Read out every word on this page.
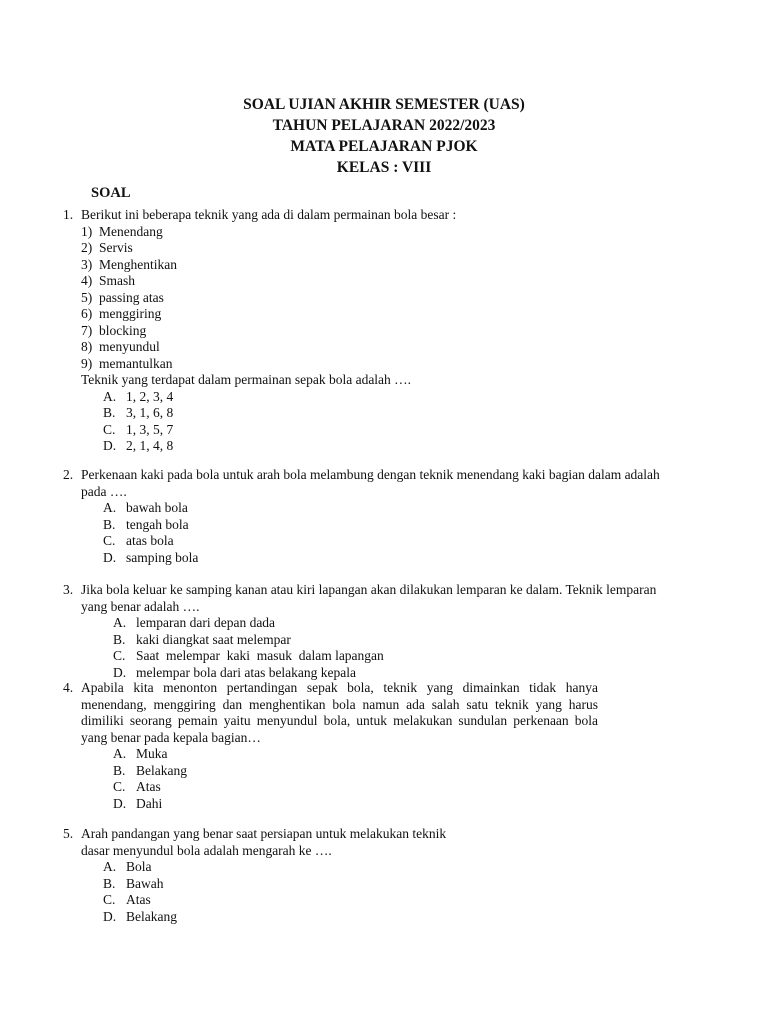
SOAL UJIAN AKHIR SEMESTER (UAS)
TAHUN PELAJARAN 2022/2023
MATA PELAJARAN PJOK
KELAS : VIII
SOAL
1. Berikut ini beberapa teknik yang ada di dalam permainan bola besar :
1) Menendang
2) Servis
3) Menghentikan
4) Smash
5) passing atas
6) menggiring
7) blocking
8) menyundul
9) memantulkan
Teknik yang terdapat dalam permainan sepak bola adalah ….
A. 1, 2, 3, 4
B. 3, 1, 6, 8
C. 1, 3, 5, 7
D. 2, 1, 4, 8
2. Perkenaan kaki pada bola untuk arah bola melambung dengan teknik menendang kaki bagian dalam adalah
pada ….
A. bawah bola
B. tengah bola
C. atas bola
D. samping bola
3. Jika bola keluar ke samping kanan atau kiri lapangan akan dilakukan lemparan ke dalam. Teknik lemparan
yang benar adalah ….
A. lemparan dari depan dada
B. kaki diangkat saat melempar
C. Saat  melempar  kaki  masuk  dalam lapangan
D. melempar bola dari atas belakang kepala
4. Apabila kita menonton pertandingan sepak bola, teknik yang dimainkan tidak hanya
menendang, menggiring dan menghentikan bola namun ada salah satu teknik yang harus
dimiliki seorang pemain yaitu menyundul bola, untuk melakukan sundulan perkenaan bola
yang benar pada kepala bagian…
A. Muka
B. Belakang
C. Atas
D. Dahi
5. Arah pandangan yang benar saat persiapan untuk melakukan teknik
dasar menyundul bola adalah mengarah ke ….
A. Bola
B. Bawah
C. Atas
D. Belakang
